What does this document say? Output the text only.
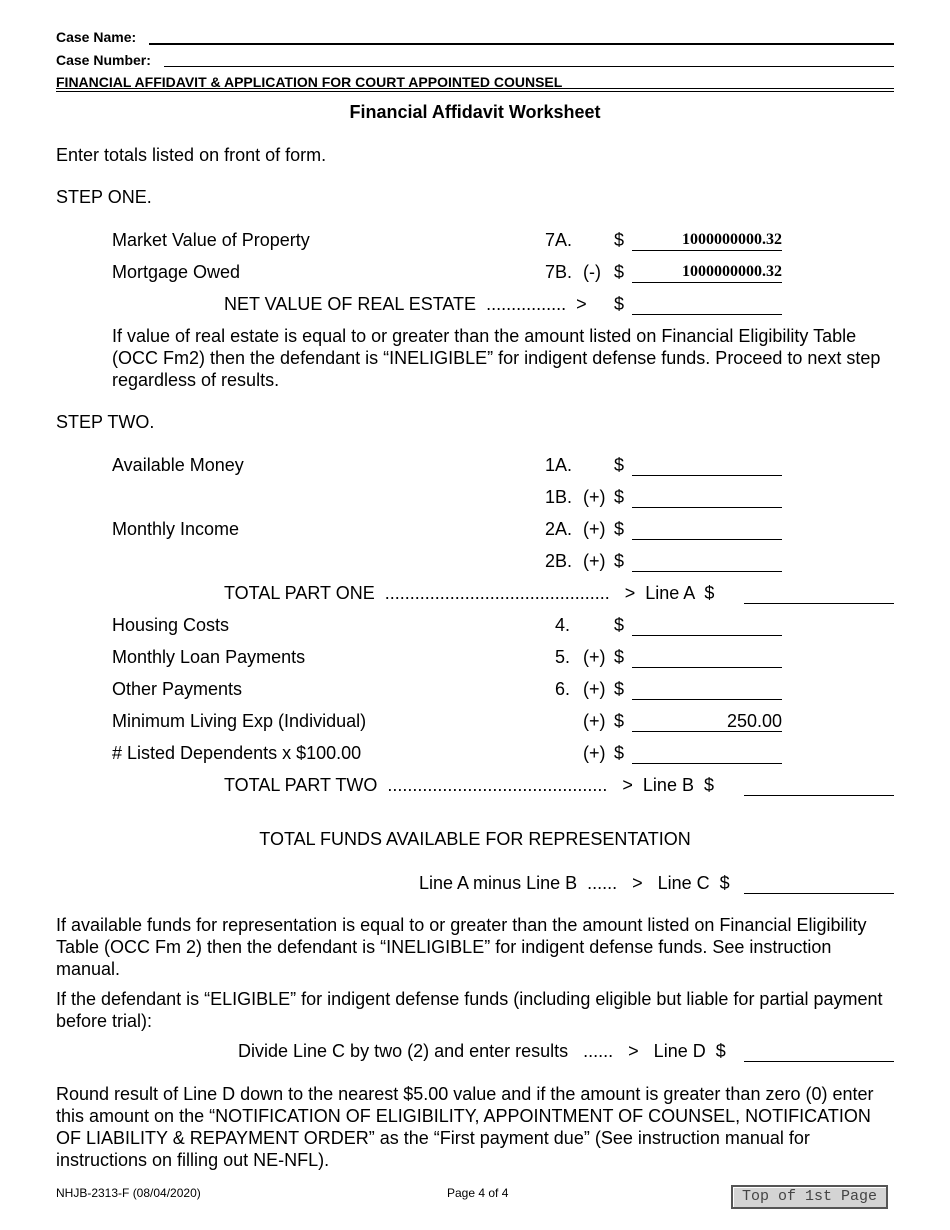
Case Name:
Case Number:
FINANCIAL AFFIDAVIT & APPLICATION FOR COURT APPOINTED COUNSEL
Financial Affidavit Worksheet
Enter totals listed on front of form.
STEP ONE.
Market Value of Property	7A. $	1000000000.32
Mortgage Owed	7B. (-) $	1000000000.32
NET VALUE OF REAL ESTATE  ................  > $
If value of real estate is equal to or greater than the amount listed on Financial Eligibility Table (OCC Fm2) then the defendant is “INELIGIBLE” for indigent defense funds. Proceed to next step regardless of results.
STEP TWO.
Available Money	1A. $
1B. (+) $
Monthly Income	2A. (+) $
2B. (+) $
TOTAL PART ONE  .............................................   >  Line A  $
Housing Costs	4. $
Monthly Loan Payments	5. (+) $
Other Payments	6. (+) $
Minimum Living Exp (Individual)	(+) $	250.00
# Listed Dependents x $100.00	(+) $
TOTAL PART TWO  ............................................   >  Line B  $
TOTAL FUNDS AVAILABLE FOR REPRESENTATION
Line A minus Line B  ......   >   Line C  $
If available funds for representation is equal to or greater than the amount listed on Financial Eligibility Table (OCC Fm 2) then the defendant is “INELIGIBLE” for indigent defense funds. See instruction manual.
If the defendant is “ELIGIBLE” for indigent defense funds (including eligible but liable for partial payment before trial):
Divide Line C by two (2) and enter results   ......   >   Line D  $
Round result of Line D down to the nearest $5.00 value and if the amount is greater than zero (0) enter this amount on the “NOTIFICATION OF ELIGIBILITY, APPOINTMENT OF COUNSEL, NOTIFICATION OF LIABILITY & REPAYMENT ORDER” as the “First payment due” (See instruction manual for instructions on filling out NE-NFL).
NHJB-2313-F (08/04/2020)	Page 4 of 4	Top of 1st Page
